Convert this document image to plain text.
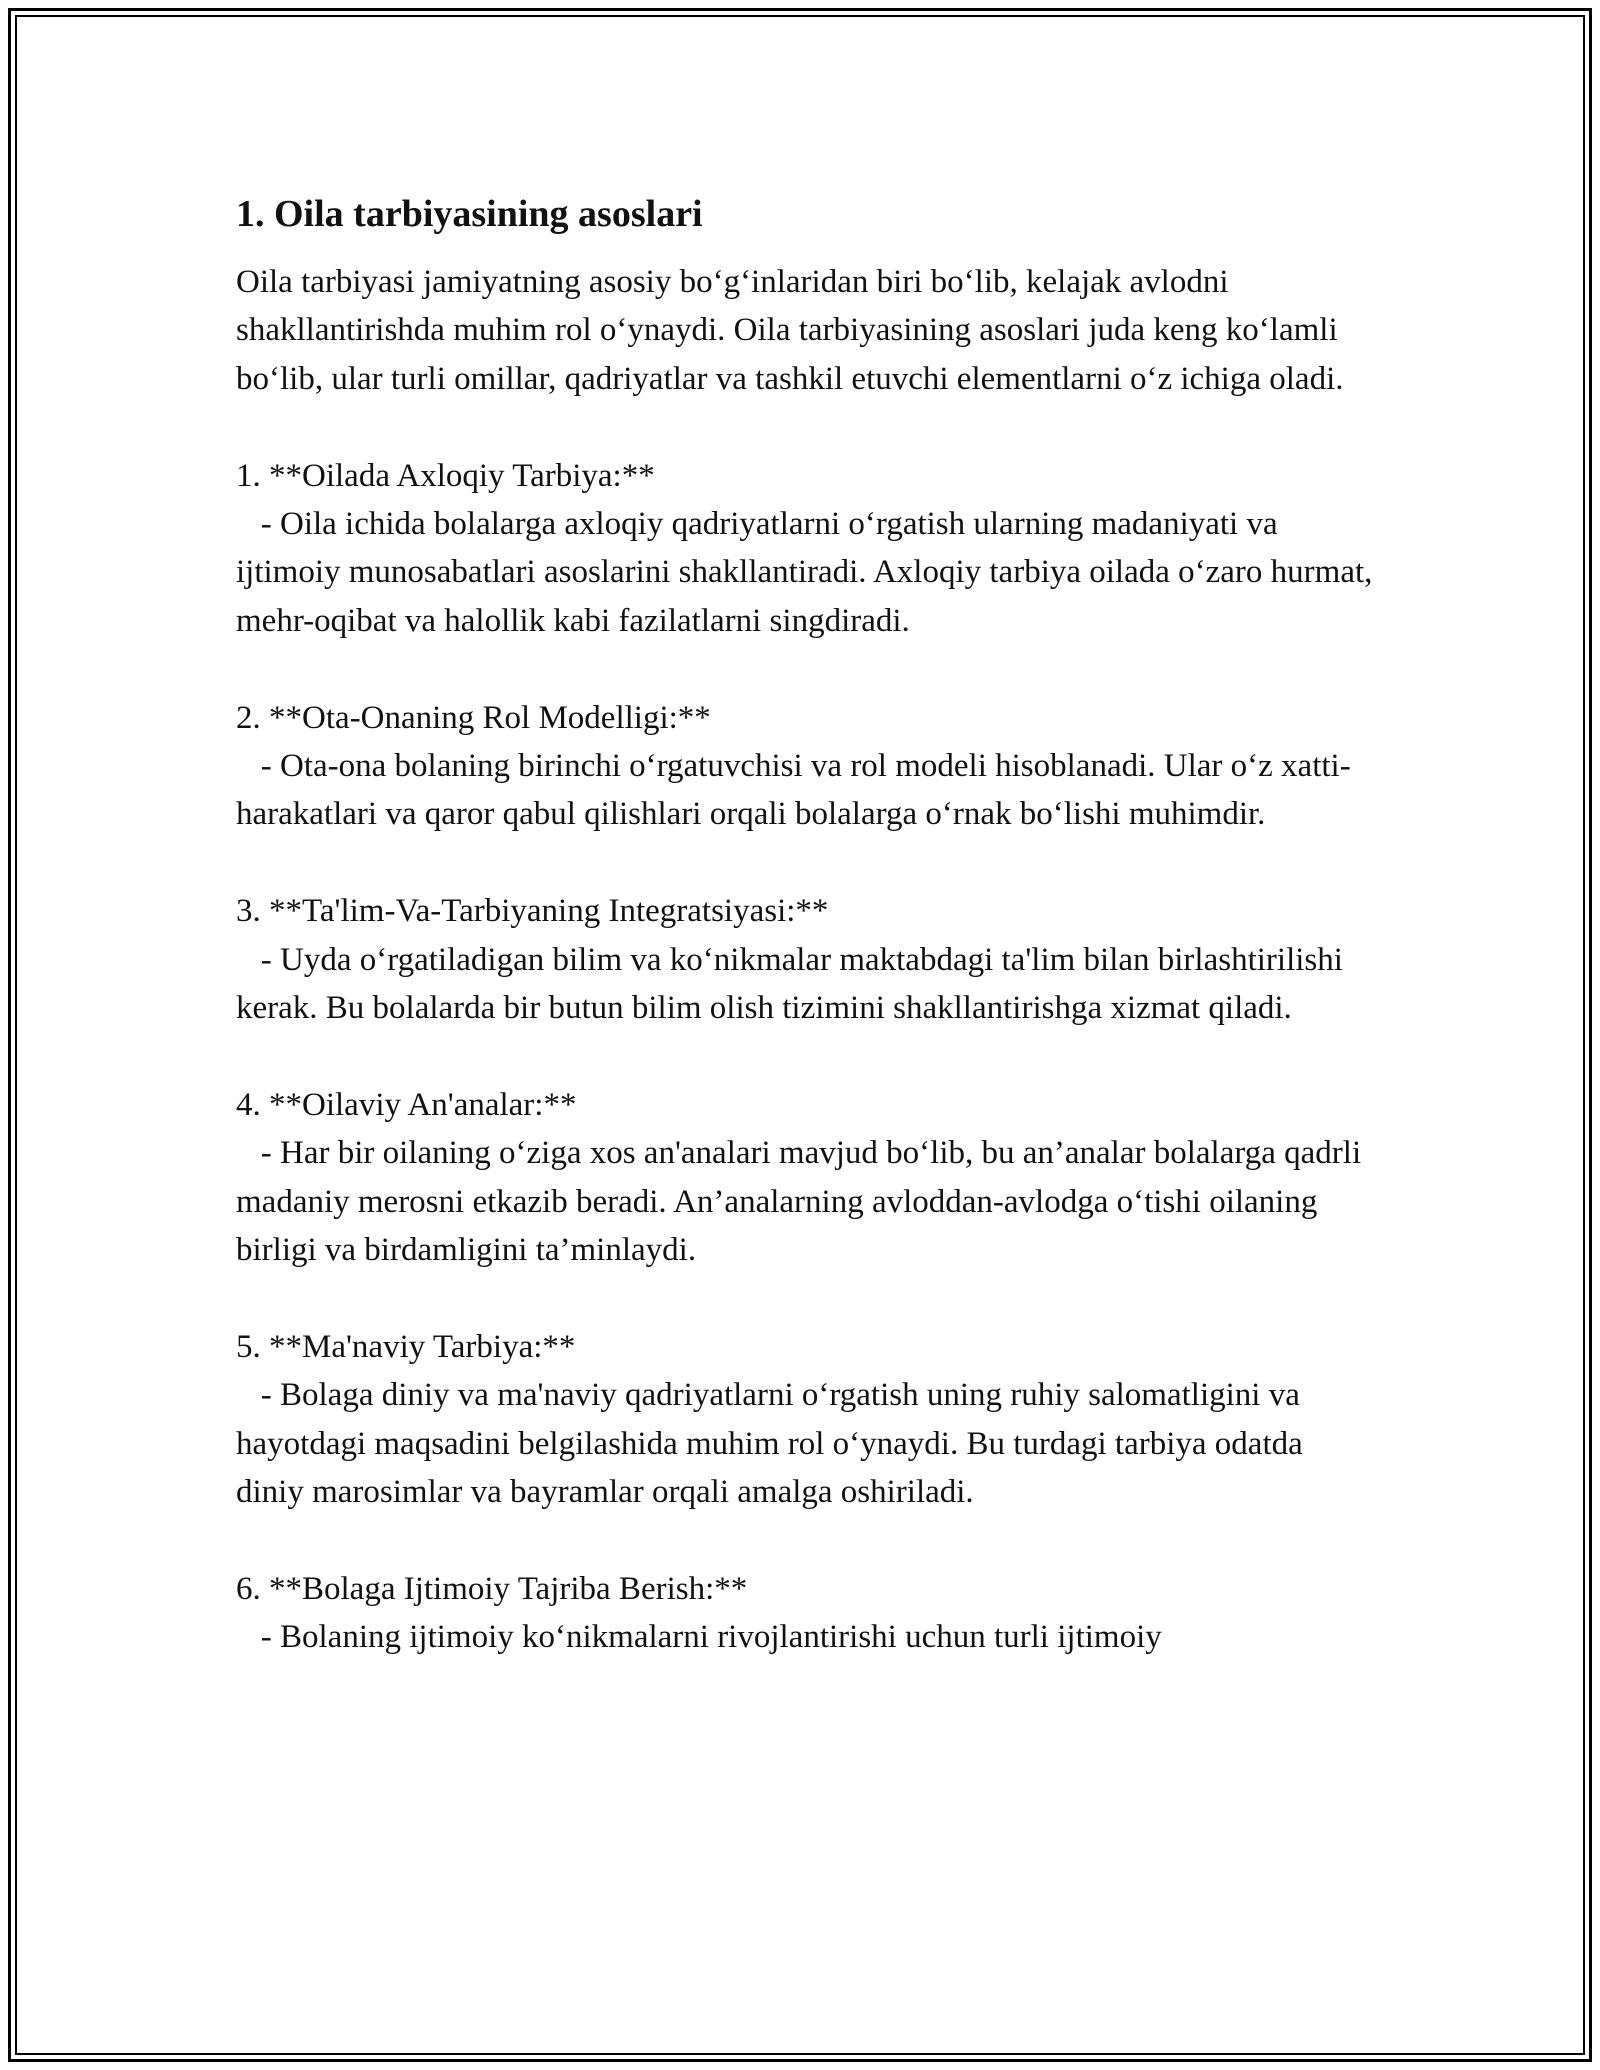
1. Oila tarbiyasining asoslari

Oila tarbiyasi jamiyatning asosiy bo‘g‘inlaridan biri bo‘lib, kelajak avlodni shakllantirishda muhim rol o‘ynaydi. Oila tarbiyasining asoslari juda keng ko‘lamli bo‘lib, ular turli omillar, qadriyatlar va tashkil etuvchi elementlarni o‘z ichiga oladi.

1. **Oilada Axloqiy Tarbiya:**

- Oila ichida bolalarga axloqiy qadriyatlarni o‘rgatish ularning madaniyati va ijtimoiy munosabatlari asoslarini shakllantiradi. Axloqiy tarbiya oilada o‘zaro hurmat, mehr-oqibat va halollik kabi fazilatlarni singdiradi.

2. **Ota-Onaning Rol Modelligi:**

- Ota-ona bolaning birinchi o‘rgatuvchisi va rol modeli hisoblanadi. Ular o‘z xatti-harakatlari va qaror qabul qilishlari orqali bolalarga o‘rnak bo‘lishi muhimdir.

3. **Ta'lim-Va-Tarbiyaning Integratsiyasi:**

- Uyda o‘rgatiladigan bilim va ko‘nikmalar maktabdagi ta'lim bilan birlashtirilishi kerak. Bu bolalarda bir butun bilim olish tizimini shakllantirishga xizmat qiladi.

4. **Oilaviy An'analar:**

- Har bir oilaning o‘ziga xos an'analari mavjud bo‘lib, bu an’analar bolalarga qadrli madaniy merosni etkazib beradi. An’analarning avloddan-avlodga o‘tishi oilaning birligi va birdamligini ta’minlaydi.

5. **Ma'naviy Tarbiya:**

- Bolaga diniy va ma'naviy qadriyatlarni o‘rgatish uning ruhiy salomatligini va hayotdagi maqsadini belgilashida muhim rol o‘ynaydi. Bu turdagi tarbiya odatda diniy marosimlar va bayramlar orqali amalga oshiriladi.

6. **Bolaga Ijtimoiy Tajriba Berish:**

- Bolaning ijtimoiy ko‘nikmalarni rivojlantirishi uchun turli ijtimoiy
